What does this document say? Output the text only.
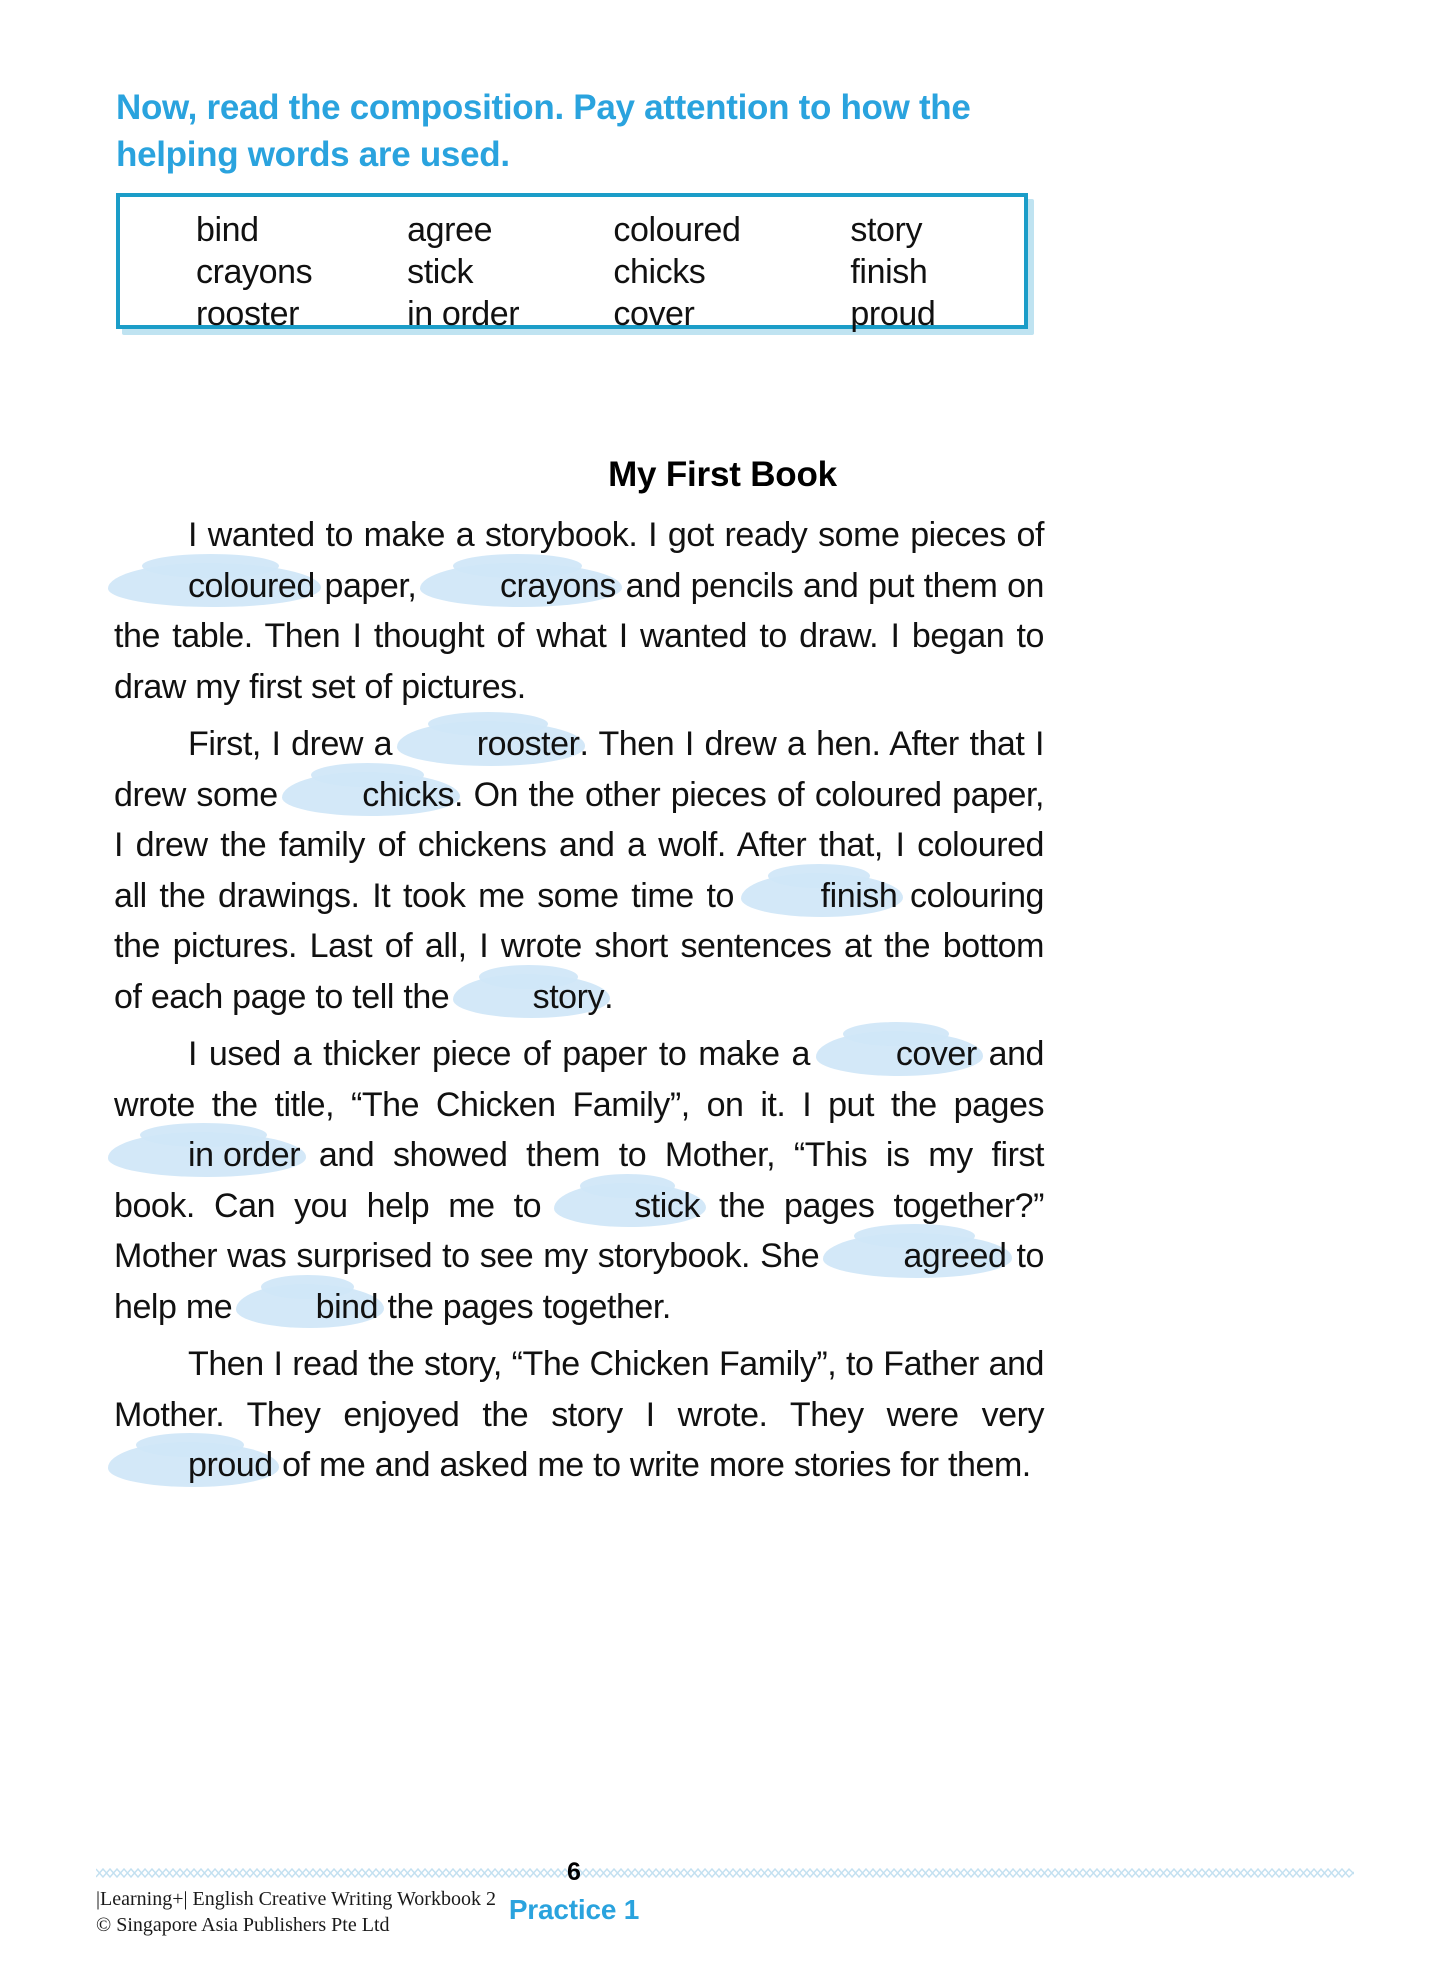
Now, read the composition. Pay attention to how the helping words are used.
bind	agree	coloured	story
crayons	stick	chicks	finish
rooster	in order	cover	proud
My First Book

I wanted to make a storybook. I got ready some pieces of coloured paper, crayons and pencils and put them on the table. Then I thought of what I wanted to draw. I began to draw my first set of pictures.

First, I drew a rooster. Then I drew a hen. After that I drew some chicks. On the other pieces of coloured paper, I drew the family of chickens and a wolf. After that, I coloured all the drawings. It took me some time to finish colouring the pictures. Last of all, I wrote short sentences at the bottom of each page to tell the story.

I used a thicker piece of paper to make a cover and wrote the title, “The Chicken Family”, on it. I put the pages in order and showed them to Mother, “This is my first book. Can you help me to stick the pages together?” Mother was surprised to see my storybook. She agreed to help me bind the pages together.

Then I read the story, “The Chicken Family”, to Father and Mother. They enjoyed the story I wrote. They were very proud of me and asked me to write more stories for them.

|Learning+| English Creative Writing Workbook 2
© Singapore Asia Publishers Pte Ltd
6
Practice 1
